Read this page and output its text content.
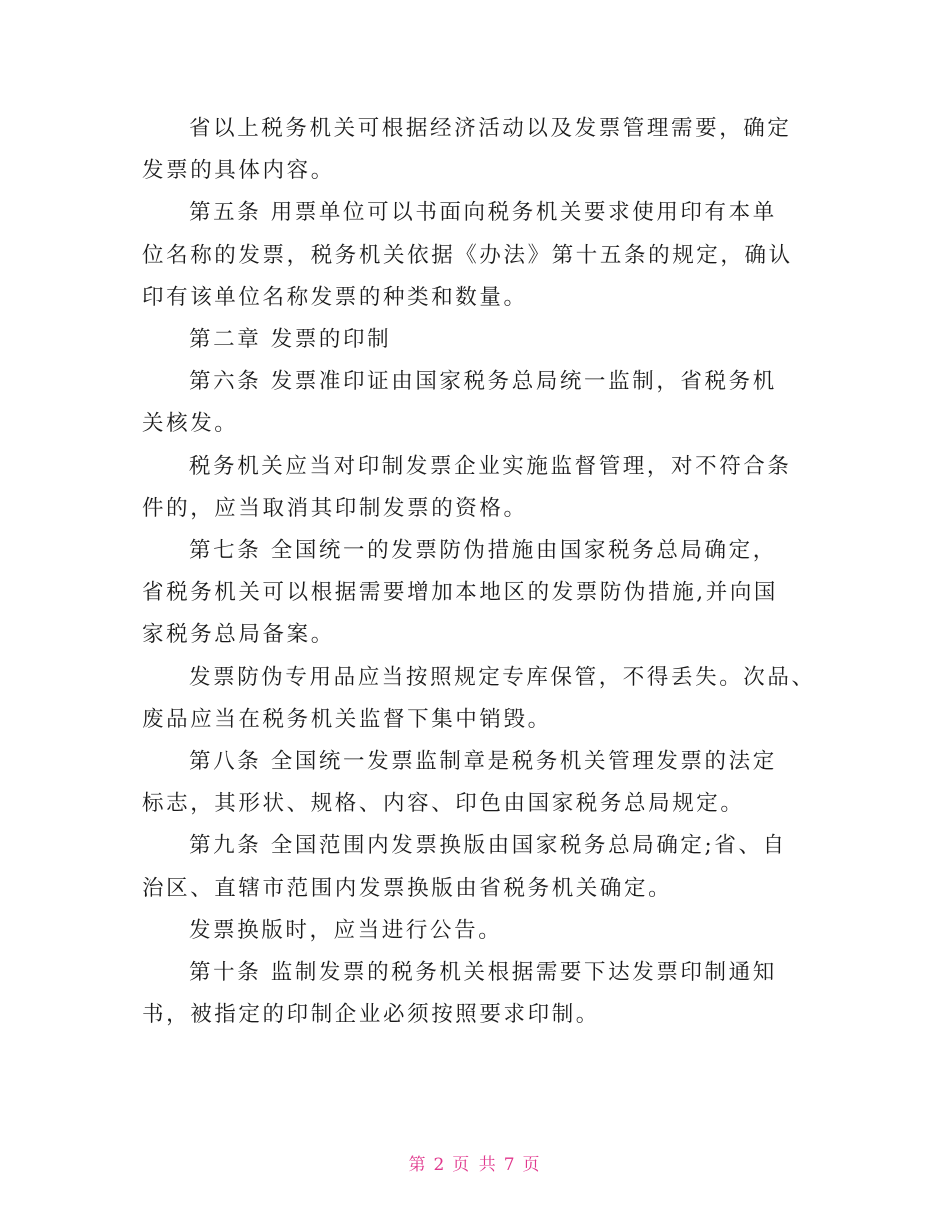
省以上税务机关可根据经济活动以及发票管理需要，确定

发票的具体内容。

第五条 用票单位可以书面向税务机关要求使用印有本单

位名称的发票，税务机关依据《办法》第十五条的规定，确认

印有该单位名称发票的种类和数量。

第二章 发票的印制

第六条 发票准印证由国家税务总局统一监制，省税务机

关核发。

税务机关应当对印制发票企业实施监督管理，对不符合条

件的，应当取消其印制发票的资格。

第七条 全国统一的发票防伪措施由国家税务总局确定，

省税务机关可以根据需要增加本地区的发票防伪措施,并向国

家税务总局备案。

发票防伪专用品应当按照规定专库保管，不得丢失。次品、

废品应当在税务机关监督下集中销毁。

第八条 全国统一发票监制章是税务机关管理发票的法定

标志，其形状、规格、内容、印色由国家税务总局规定。

第九条 全国范围内发票换版由国家税务总局确定;省、自

治区、直辖市范围内发票换版由省税务机关确定。

发票换版时，应当进行公告。

第十条 监制发票的税务机关根据需要下达发票印制通知

书，被指定的印制企业必须按照要求印制。

第 2 页 共 7 页
